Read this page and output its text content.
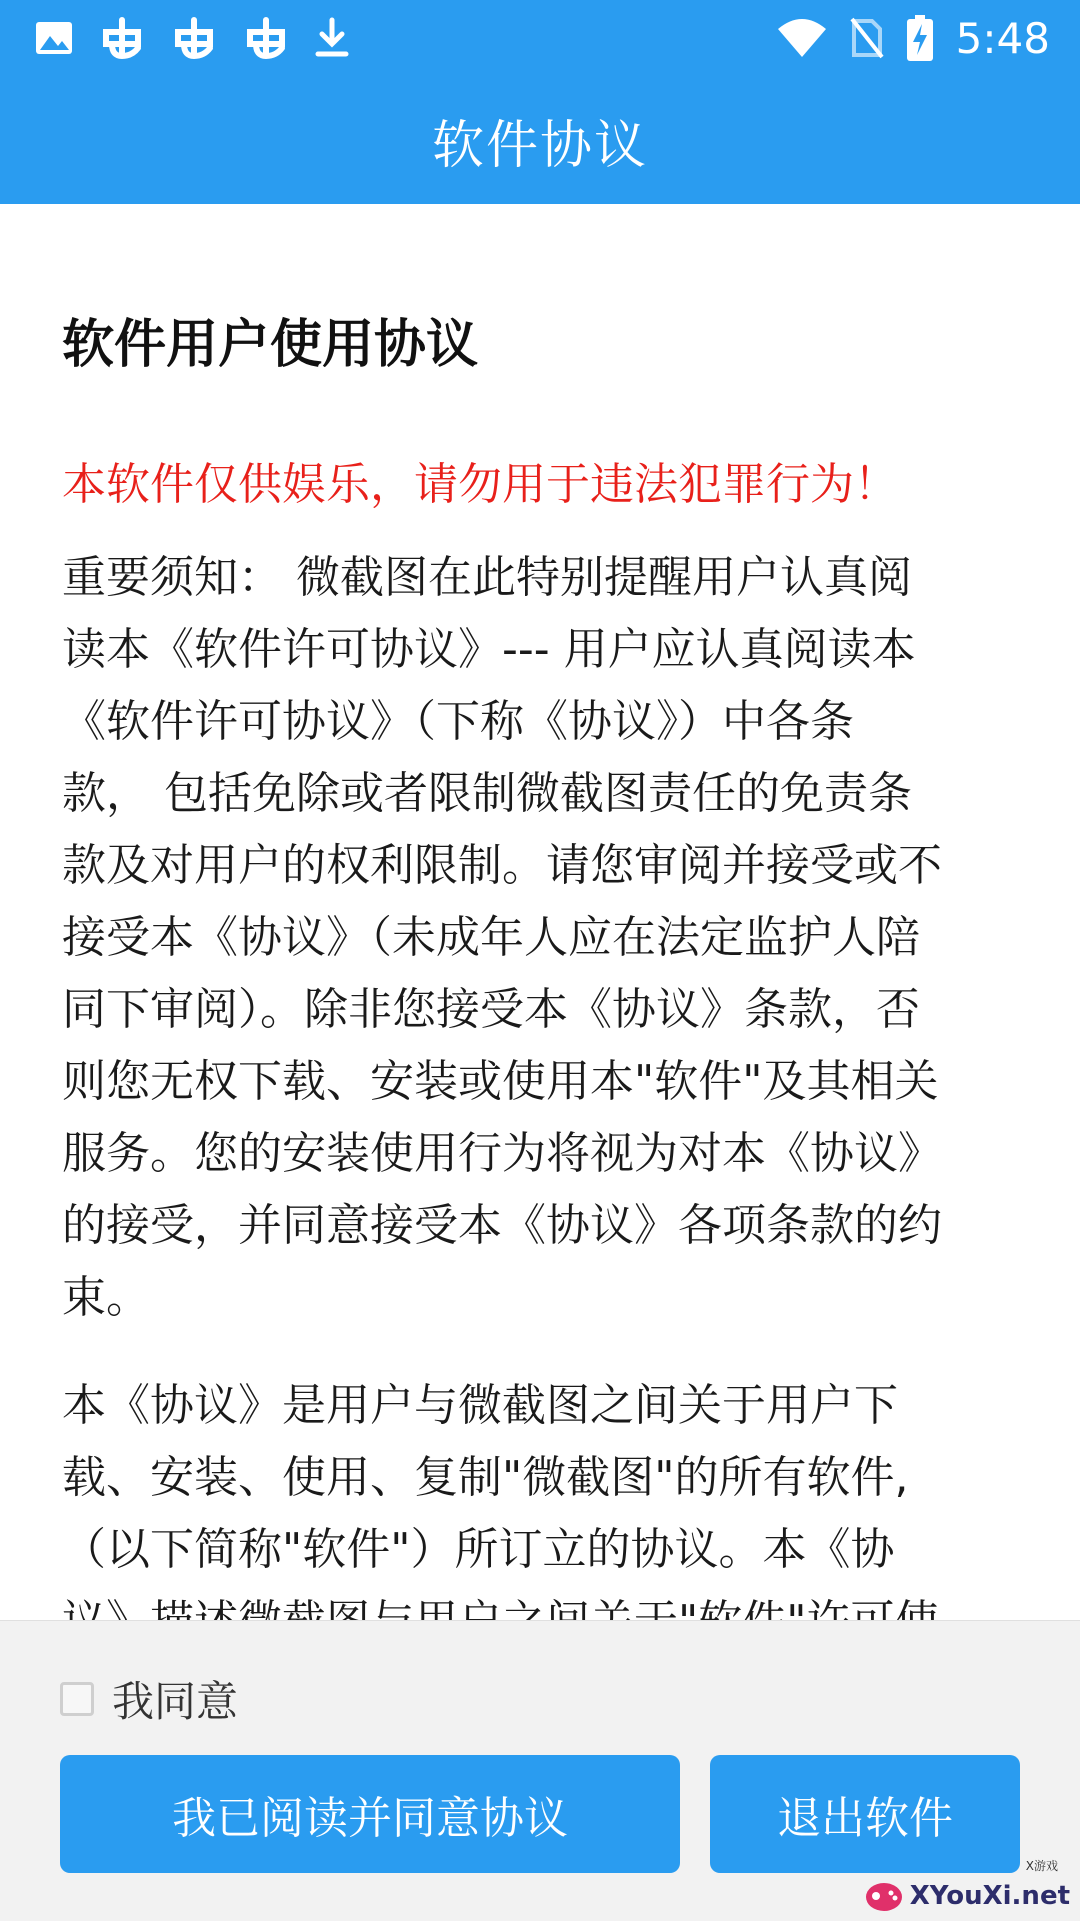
5:48
软件协议
软件用户使用协议
本软件仅供娱乐，请勿用于违法犯罪行为！
重要须知： 微截图在此特别提醒用户认真阅
读本《软件许可协议》--- 用户应认真阅读本
《软件许可协议》（下称《协议》）中各条
款， 包括免除或者限制微截图责任的免责条
款及对用户的权利限制。请您审阅并接受或不
接受本《协议》（未成年人应在法定监护人陪
同下审阅）。除非您接受本《协议》条款，否
则您无权下载、安装或使用本"软件"及其相关
服务。您的安装使用行为将视为对本《协议》
的接受，并同意接受本《协议》各项条款的约
束。
本《协议》是用户与微截图之间关于用户下
载、安装、使用、复制"微截图"的所有软件,
（以下简称"软件"）所订立的协议。本《协
我同意
我已阅读并同意协议	退出软件
X游戏
XYouXi.net
